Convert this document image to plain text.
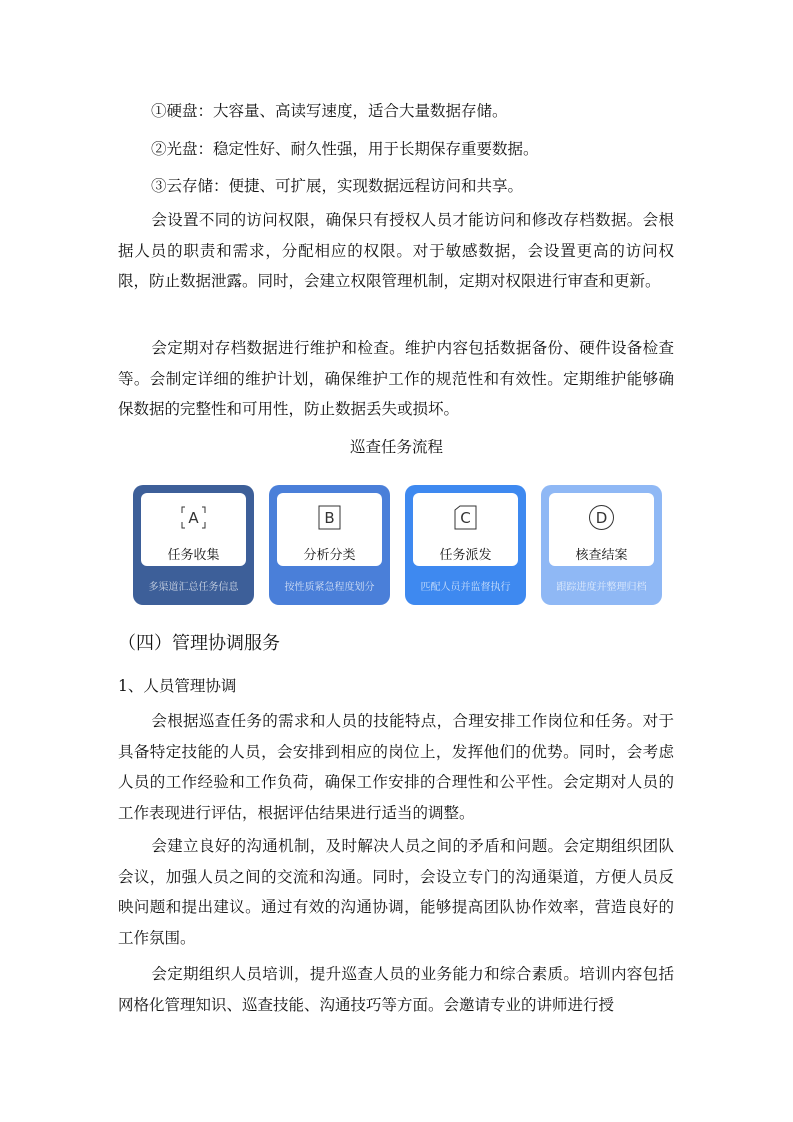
①硬盘：大容量、高读写速度，适合大量数据存储。
②光盘：稳定性好、耐久性强，用于长期保存重要数据。
③云存储：便捷、可扩展，实现数据远程访问和共享。
会设置不同的访问权限，确保只有授权人员才能访问和修改存档数据。会根据人员的职责和需求，分配相应的权限。对于敏感数据，会设置更高的访问权限，防止数据泄露。同时，会建立权限管理机制，定期对权限进行审查和更新。
会定期对存档数据进行维护和检查。维护内容包括数据备份、硬件设备检查等。会制定详细的维护计划，确保维护工作的规范性和有效性。定期维护能够确保数据的完整性和可用性，防止数据丢失或损坏。
巡查任务流程
A
任务收集
多渠道汇总任务信息
B
分析分类
按性质紧急程度划分
C
任务派发
匹配人员并监督执行
D
核查结案
跟踪进度并整理归档
（四）管理协调服务
1、人员管理协调
会根据巡查任务的需求和人员的技能特点，合理安排工作岗位和任务。对于具备特定技能的人员，会安排到相应的岗位上，发挥他们的优势。同时，会考虑人员的工作经验和工作负荷，确保工作安排的合理性和公平性。会定期对人员的工作表现进行评估，根据评估结果进行适当的调整。
会建立良好的沟通机制，及时解决人员之间的矛盾和问题。会定期组织团队会议，加强人员之间的交流和沟通。同时，会设立专门的沟通渠道，方便人员反映问题和提出建议。通过有效的沟通协调，能够提高团队协作效率，营造良好的工作氛围。
会定期组织人员培训，提升巡查人员的业务能力和综合素质。培训内容包括网格化管理知识、巡查技能、沟通技巧等方面。会邀请专业的讲师进行授
